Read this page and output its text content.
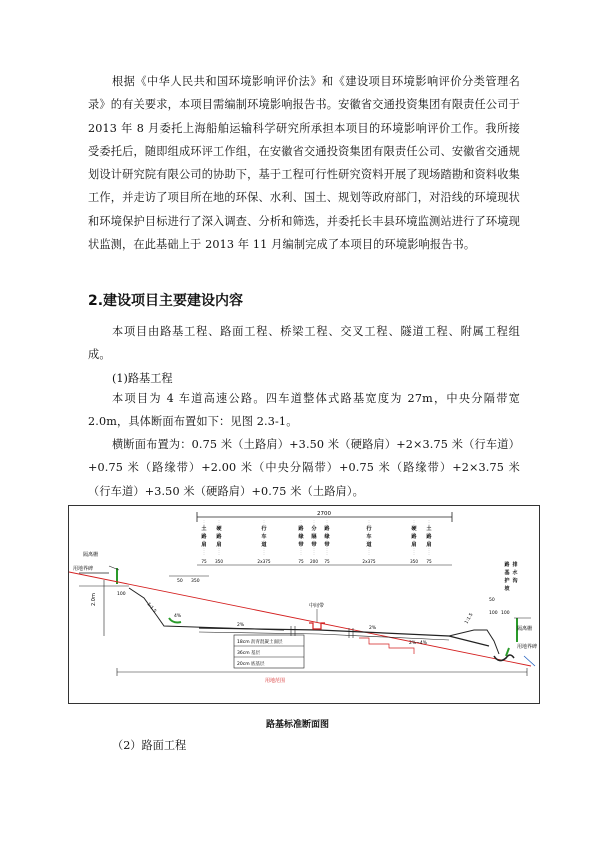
根据《中华人民共和国环境影响评价法》和《建设项目环境影响评价分类管理名录》的有关要求，本项目需编制环境影响报告书。安徽省交通投资集团有限责任公司于 2013 年 8 月委托上海船舶运输科学研究所承担本项目的环境影响评价工作。我所接受委托后，随即组成环评工作组，在安徽省交通投资集团有限责任公司、安徽省交通规划设计研究院有限公司的协助下，基于工程可行性研究资料开展了现场踏勘和资料收集工作，并走访了项目所在地的环保、水利、国土、规划等政府部门，对沿线的环境现状和环境保护目标进行了深入调查、分析和筛选，并委托长丰县环境监测站进行了环境现状监测，在此基础上于 2013 年 11 月编制完成了本项目的环境影响报告书。

2.建设项目主要建设内容

本项目由路基工程、路面工程、桥梁工程、交叉工程、隧道工程、附属工程组成。

(1)路基工程

本项目为 4 车道高速公路。四车道整体式路基宽度为 27m，中央分隔带宽 2.0m，具体断面布置如下：见图 2.3-1。

横断面布置为：0.75 米（土路肩）+3.50 米（硬路肩）+2×3.75 米（行车道）+0.75 米（路缘带）+2.00 米（中央分隔带）+0.75 米（路缘带）+2×3.75 米（行车道）+3.50 米（硬路肩）+0.75 米（土路肩）。

2700
土
路
肩
硬
路
肩
行
车
道
路
缘
带
分
隔
带
路
缘
带
行
车
道
硬
路
肩
土
路
肩
75 350	2x375	75 200 75	2x375	350 75
隔离栅
用地界碑
100
50 350
4%
1:1.5
2.0m	中间带
2%
2%
2%~4%
18cm 沥青混凝土面层
36cm 基层
20cm 底基层
用地范围
1:1.5	100 100
50
隔离栅
用地界碑
路
基
护
坡
排
水
沟
路基标准断面图

（2）路面工程
